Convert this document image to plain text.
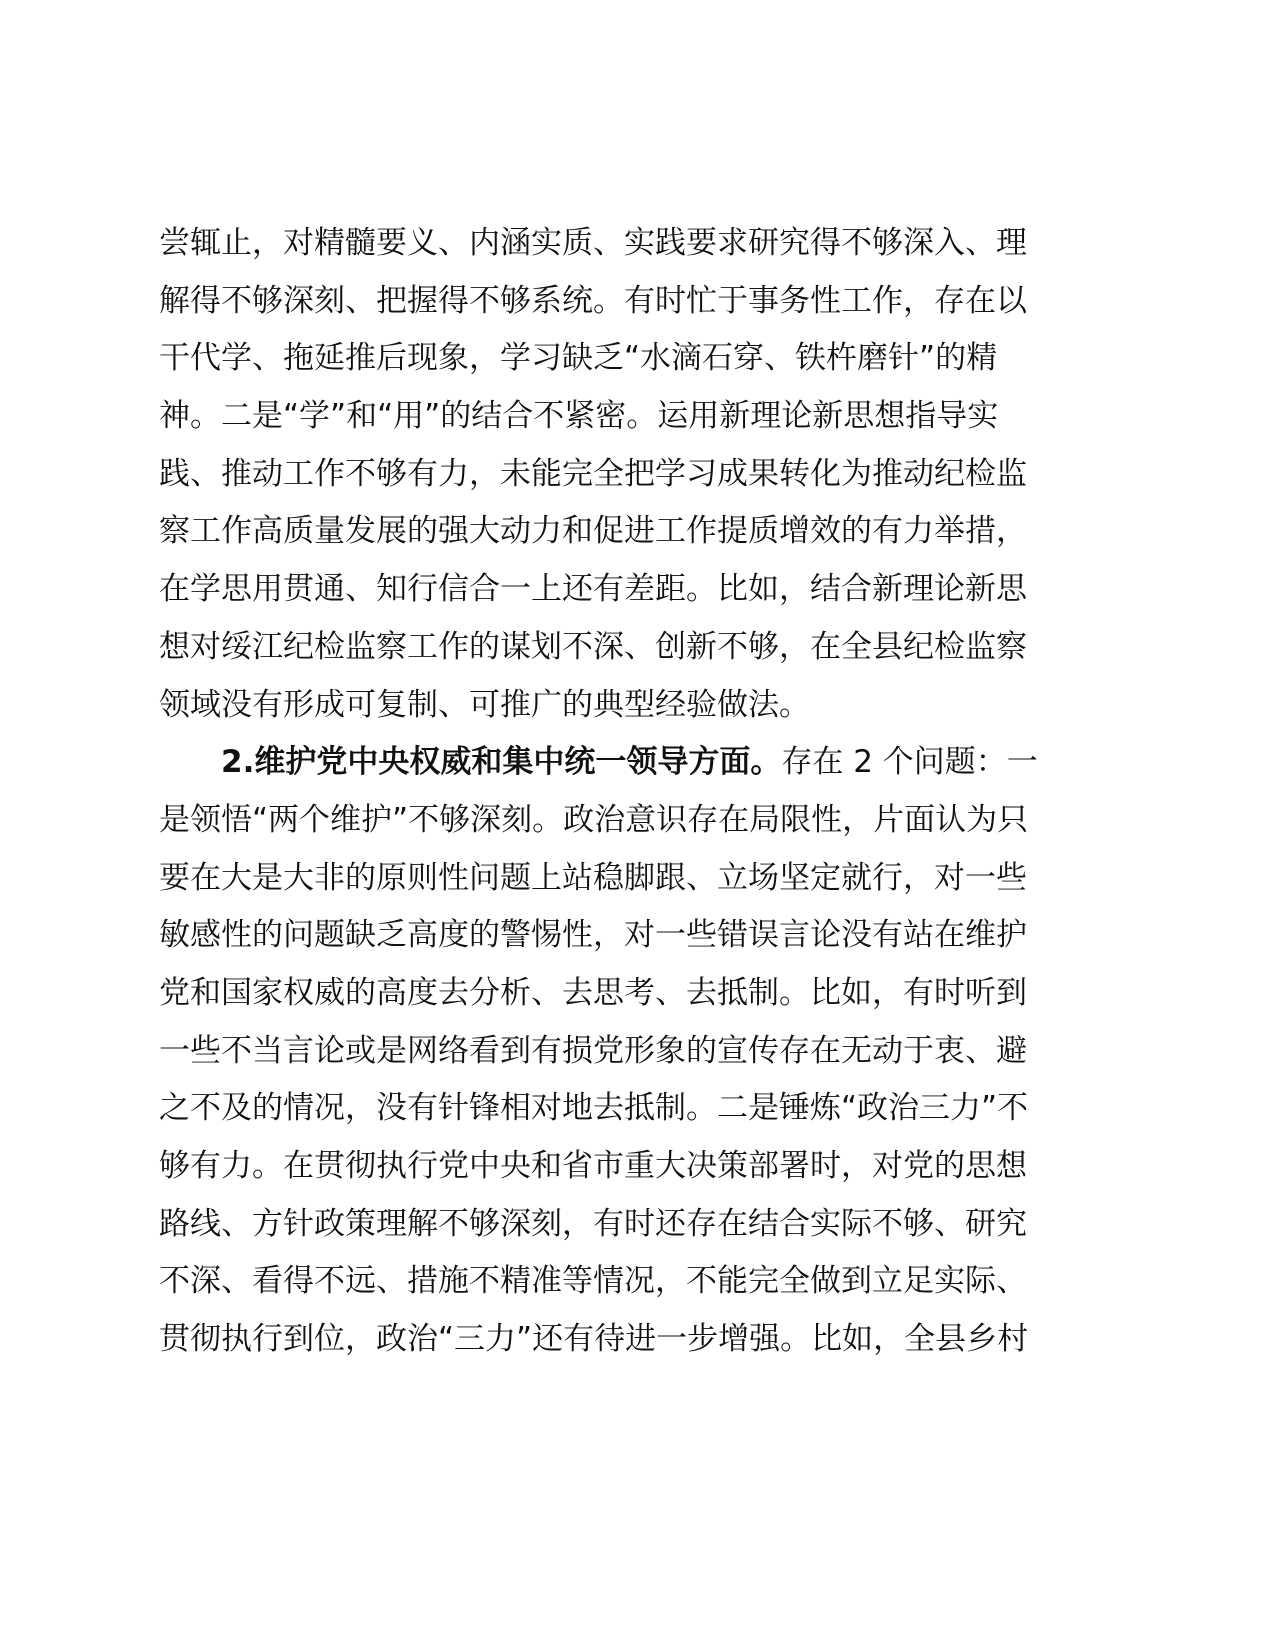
尝辄止，对精髓要义、内涵实质、实践要求研究得不够深入、理
解得不够深刻、把握得不够系统。有时忙于事务性工作，存在以
干代学、拖延推后现象，学习缺乏“水滴石穿、铁杵磨针”的精
神。二是“学”和“用”的结合不紧密。运用新理论新思想指导实
践、推动工作不够有力，未能完全把学习成果转化为推动纪检监
察工作高质量发展的强大动力和促进工作提质增效的有力举措，
在学思用贯通、知行信合一上还有差距。比如，结合新理论新思
想对绥江纪检监察工作的谋划不深、创新不够，在全县纪检监察
领域没有形成可复制、可推广的典型经验做法。
2.维护党中央权威和集中统一领导方面。存在 2 个问题：一
是领悟“两个维护”不够深刻。政治意识存在局限性，片面认为只
要在大是大非的原则性问题上站稳脚跟、立场坚定就行，对一些
敏感性的问题缺乏高度的警惕性，对一些错误言论没有站在维护
党和国家权威的高度去分析、去思考、去抵制。比如，有时听到
一些不当言论或是网络看到有损党形象的宣传存在无动于衷、避
之不及的情况，没有针锋相对地去抵制。二是锤炼“政治三力”不
够有力。在贯彻执行党中央和省市重大决策部署时，对党的思想
路线、方针政策理解不够深刻，有时还存在结合实际不够、研究
不深、看得不远、措施不精准等情况，不能完全做到立足实际、
贯彻执行到位，政治“三力”还有待进一步增强。比如，全县乡村
